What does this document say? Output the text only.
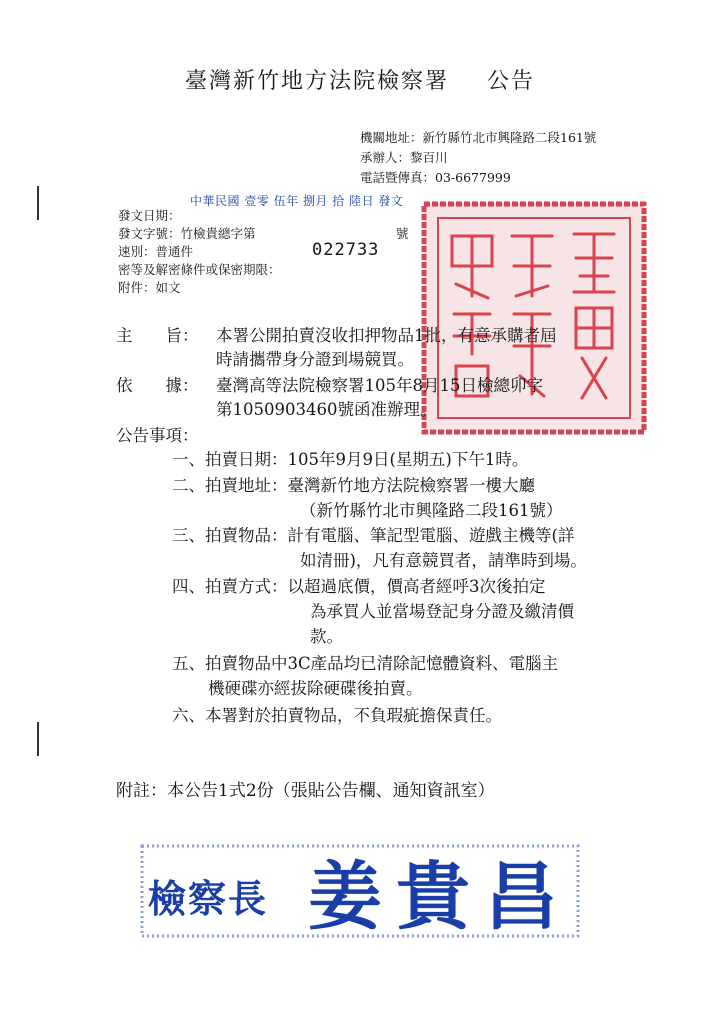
臺灣新竹地方法院檢察署 公告
機關地址：新竹縣竹北市興隆路二段161號
承辦人：黎百川
電話暨傳真：03-6677999
發文日期：
中華民國 壹零 伍年 捌月 拾 陸日 發文
發文字號：竹檢貴總字第
022733
號
速別：普通件
密等及解密條件或保密期限：
附件：如文
主　　旨： 本署公開拍賣沒收扣押物品1批，有意承購者屆
時請攜帶身分證到場競買。
依　　據： 臺灣高等法院檢察署105年8月15日檢總卯字
第1050903460號函准辦理。
公告事項：
一、拍賣日期：105年9月9日(星期五)下午1時。
二、拍賣地址：臺灣新竹地方法院檢察署一樓大廳
（新竹縣竹北市興隆路二段161號）
三、拍賣物品：計有電腦、筆記型電腦、遊戲主機等(詳
如清冊)，凡有意競買者，請準時到場。
四、拍賣方式：以超過底價，價高者經呼3次後拍定
為承買人並當場登記身分證及繳清價
款。
五、拍賣物品中3C產品均已清除記憶體資料、電腦主
機硬碟亦經拔除硬碟後拍賣。
六、本署對於拍賣物品，不負瑕疵擔保責任。
附註：本公告1式2份（張貼公告欄、通知資訊室）
檢察長 姜貴昌
